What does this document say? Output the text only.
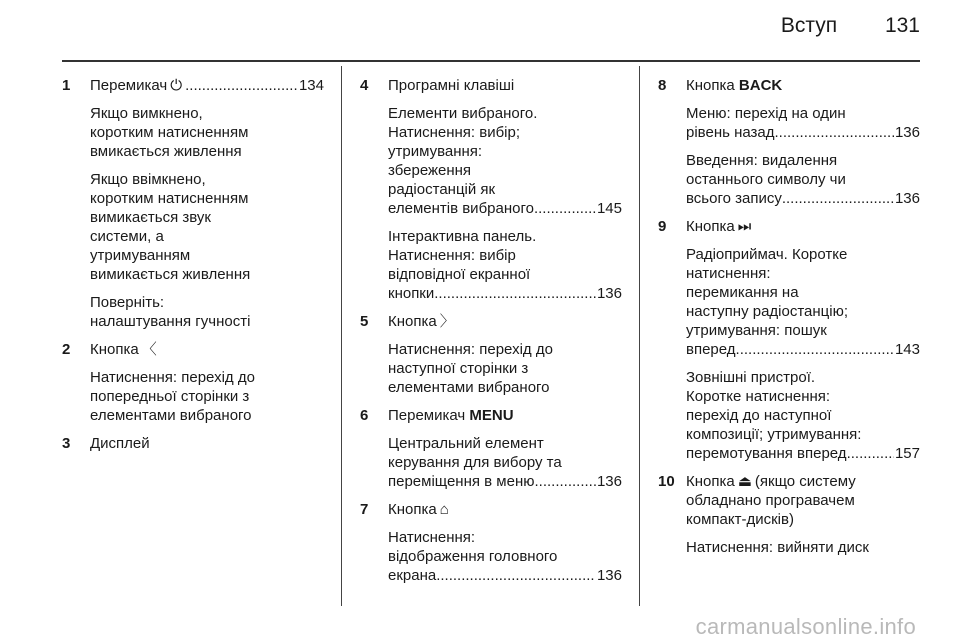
Вступ 131
1 Перемикач ⏻ .....	134
Якщо вимкнено,
коротким натисненням
вмикається живлення
Якщо ввімкнено,
коротким натисненням
вимикається звук
системи, а
утримуванням
вимикається живлення
Поверніть:
налаштування гучності
2 Кнопка 〈
Натиснення: перехід до
попередньої сторінки з
елементами вибраного
3 Дисплей
4 Програмні клавіші
Елементи вибраного.
Натиснення: вибір;
утримування:
збереження
радіостанцій як
елементів вибраного .....	145
Інтерактивна панель.
Натиснення: вибір
відповідної екранної
кнопки .....	136
5 Кнопка 〉
Натиснення: перехід до
наступної сторінки з
елементами вибраного
6 Перемикач MENU
Центральний елемент
керування для вибору та
переміщення в меню .....	136
7 Кнопка ⌂
Натиснення:
відображення головного
екрана .....	136
8 Кнопка BACK
Меню: перехід на один
рівень назад .....	136
Введення: видалення
останнього символу чи
всього запису .....	136
9 Кнопка ⏭
Радіоприймач. Коротке
натиснення:
перемикання на
наступну радіостанцію;
утримування: пошук
вперед .....	143
Зовнішні пристрої.
Коротке натиснення:
перехід до наступної
композиції; утримування:
перемотування вперед .....	157
10 Кнопка ⏏ (якщо систему
обладнано програвачем
компакт-дисків)
Натиснення: вийняти диск
carmanualsonline.info
